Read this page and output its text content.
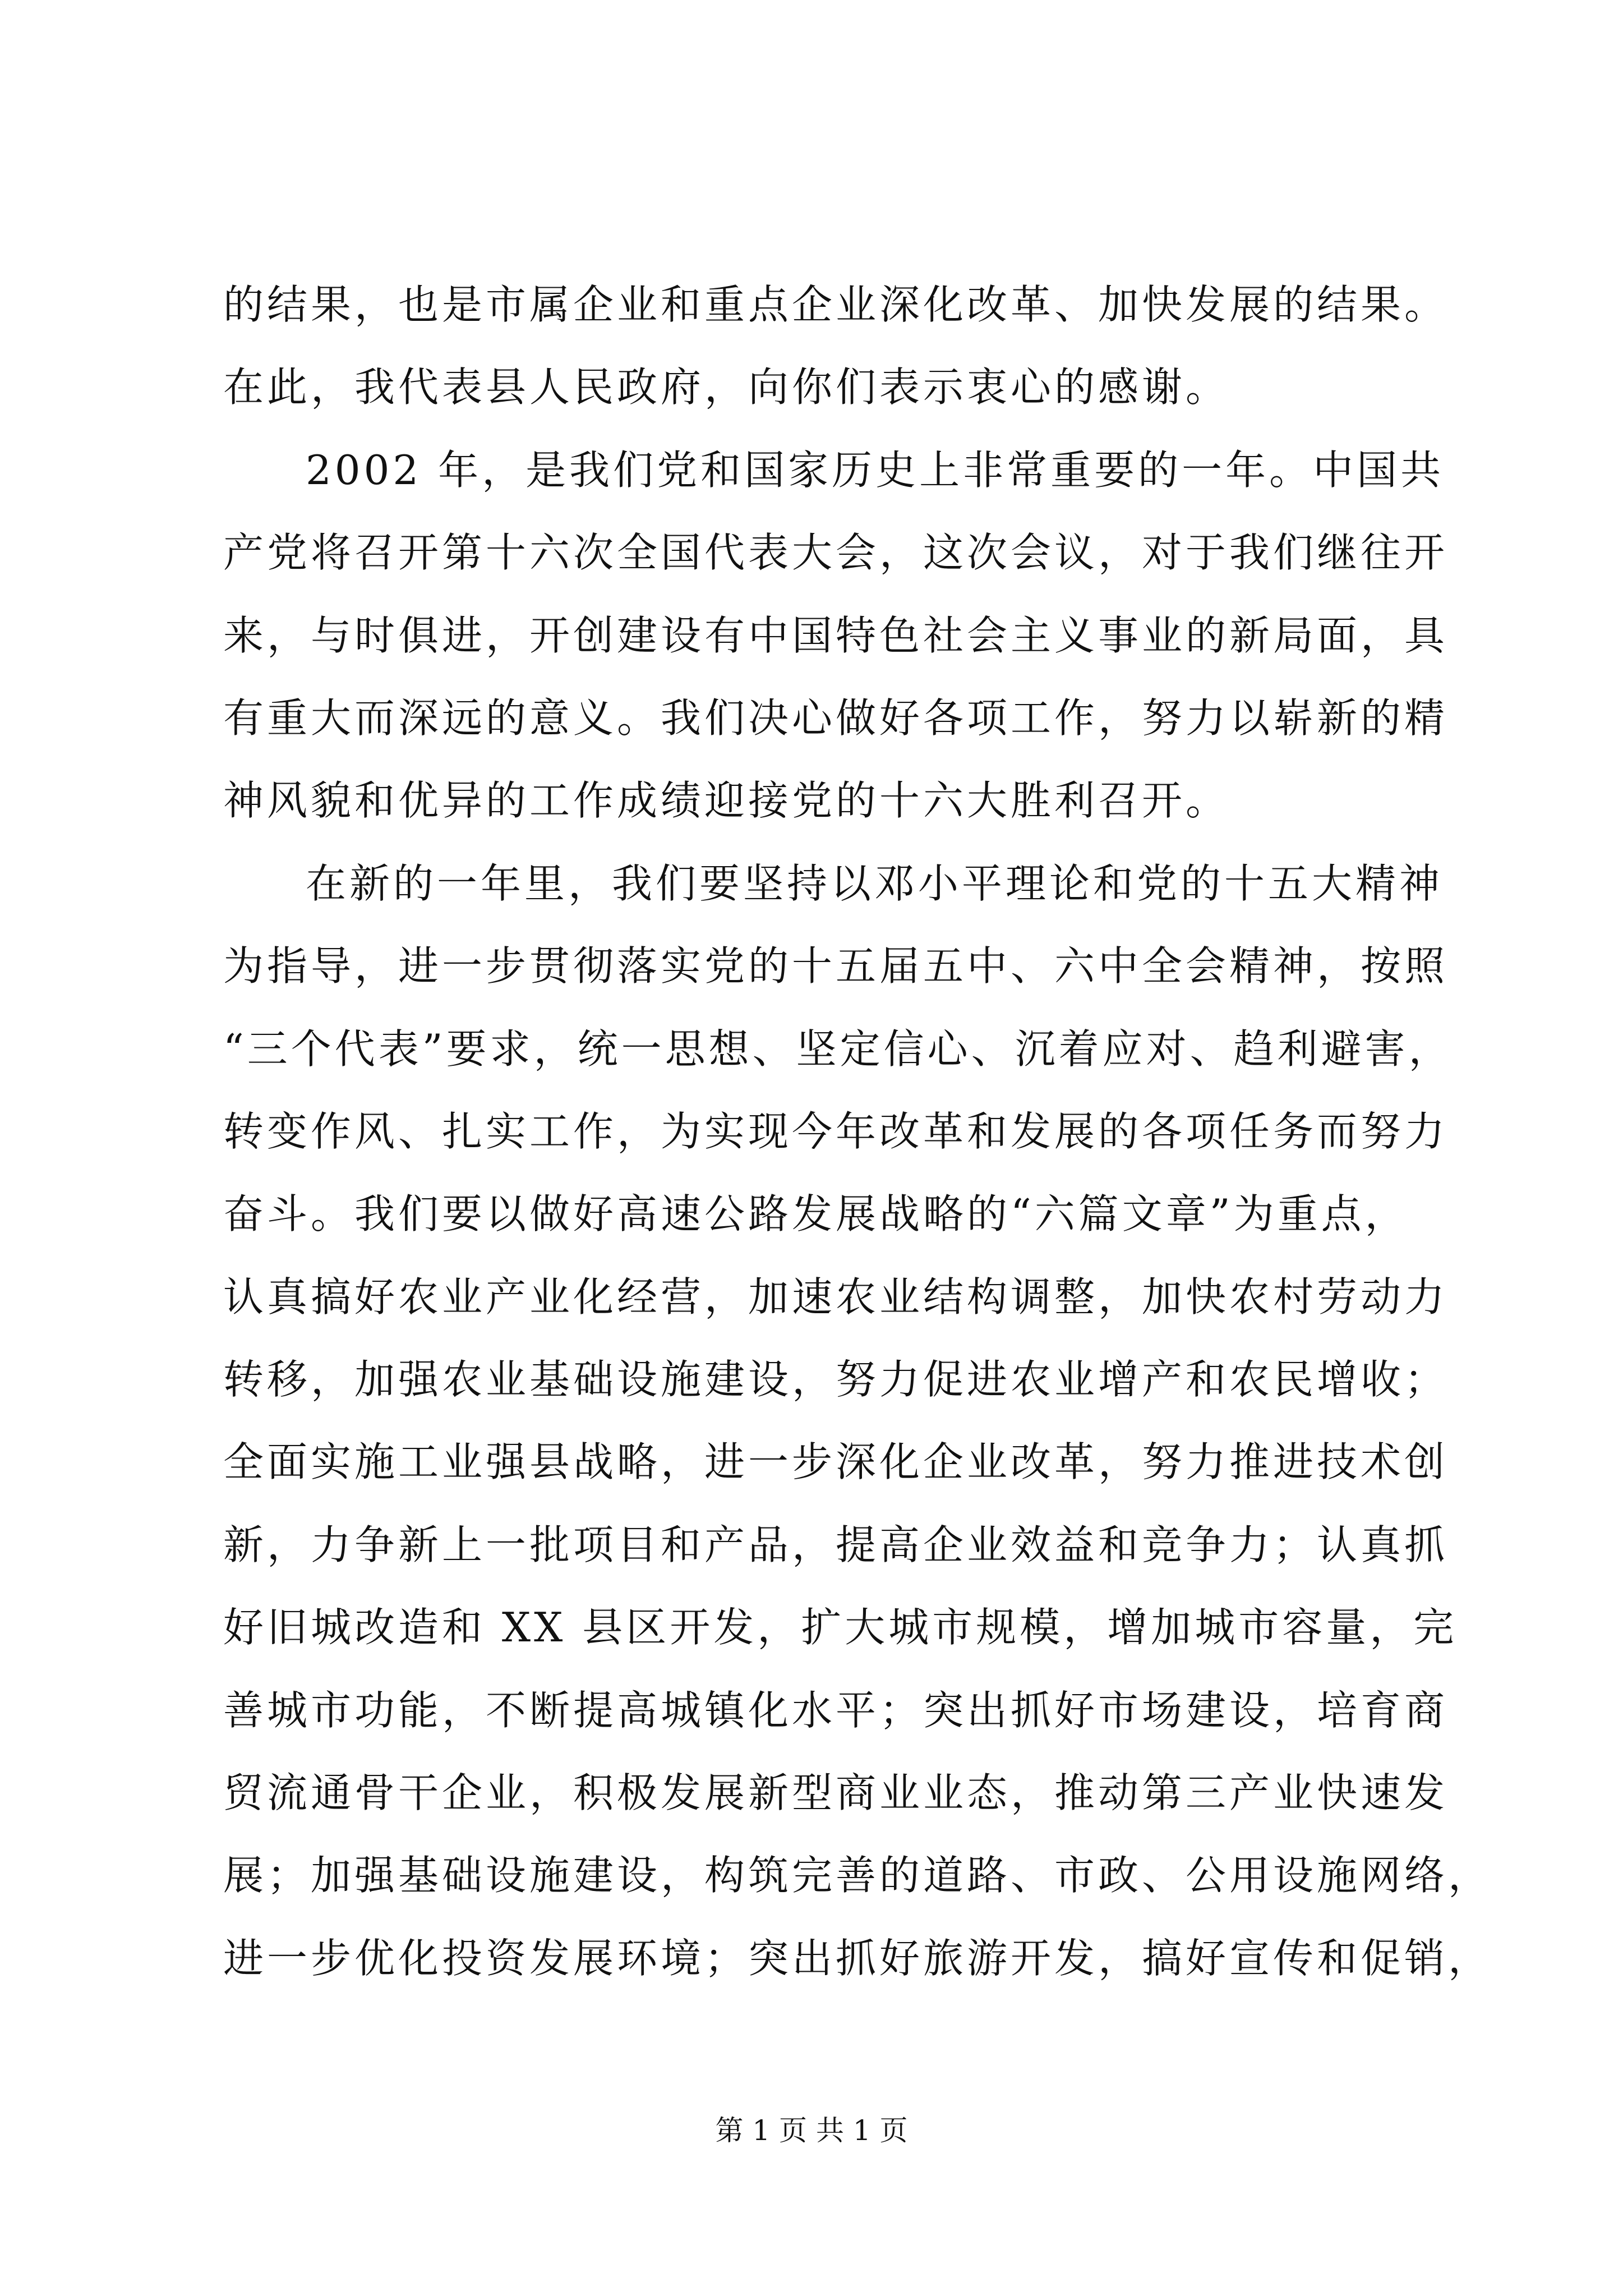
的结果，也是市属企业和重点企业深化改革、加快发展的结果。
在此，我代表县人民政府，向你们表示衷心的感谢。
2002 年，是我们党和国家历史上非常重要的一年。中国共
产党将召开第十六次全国代表大会，这次会议，对于我们继往开
来，与时俱进，开创建设有中国特色社会主义事业的新局面，具
有重大而深远的意义。我们决心做好各项工作，努力以崭新的精
神风貌和优异的工作成绩迎接党的十六大胜利召开。
在新的一年里，我们要坚持以邓小平理论和党的十五大精神
为指导，进一步贯彻落实党的十五届五中、六中全会精神，按照
“三个代表”要求，统一思想、坚定信心、沉着应对、趋利避害，
转变作风、扎实工作，为实现今年改革和发展的各项任务而努力
奋斗。我们要以做好高速公路发展战略的“六篇文章”为重点，
认真搞好农业产业化经营，加速农业结构调整，加快农村劳动力
转移，加强农业基础设施建设，努力促进农业增产和农民增收；
全面实施工业强县战略，进一步深化企业改革，努力推进技术创
新，力争新上一批项目和产品，提高企业效益和竞争力；认真抓
好旧城改造和 XX 县区开发，扩大城市规模，增加城市容量，完
善城市功能，不断提高城镇化水平；突出抓好市场建设，培育商
贸流通骨干企业，积极发展新型商业业态，推动第三产业快速发
展；加强基础设施建设，构筑完善的道路、市政、公用设施网络，
进一步优化投资发展环境；突出抓好旅游开发，搞好宣传和促销，
第 1 页 共 1 页
